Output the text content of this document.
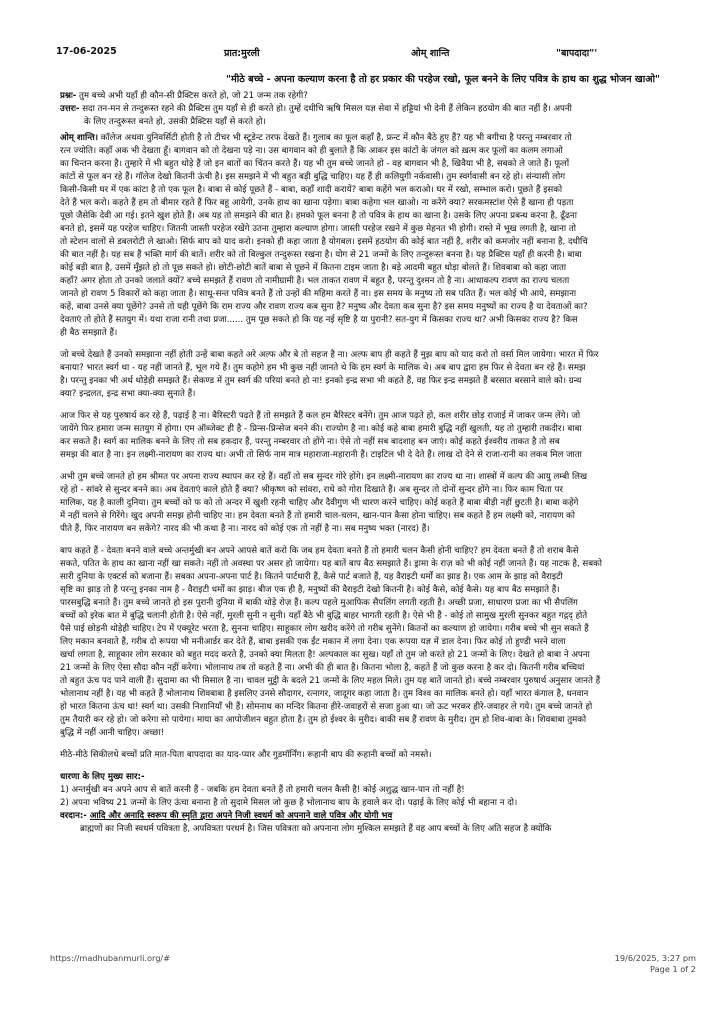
17-06-2025	प्रात:मुरली	ओम् शान्ति	"बापदादा"'
"मीठे बच्चे - अपना कल्याण करना है तो हर प्रकार की परहेज रखो, फूल बनने के लिए पवित्र के हाथ का शुद्ध भोजन खाओ"

प्रश्नः- तुम बच्चे अभी यहाँ ही कौन-सी प्रैक्टिस करते हो, जो 21 जन्म तक रहेगी?

उत्तरः- सदा तन-मन से तन्दुरूस्त रहने की प्रैक्टिस तुम यहाँ से ही करते हो। तुम्हें दधीचि ऋषि मिसल यज्ञ सेवा में हड्डियां भी देनी हैं लेकिन हठयोग की बात नहीं है। अपनी

के लिए तन्दुरूस्त बनते हो, उसकी प्रैक्टिस यहाँ से करते हो।

ओम् शान्ति। कॉलेज अथवा युनिवर्सिटी होती है तो टीचर भी स्टूडेन्ट तरफ देखते हैं। गुलाब का फूल कहाँ है, फ्रन्ट में कौन बैठे हुए हैं? यह भी बगीचा है परन्तु नम्बरवार तो

रत्न ज्योति। कहाँ अक भी देखता हूँ। बागवान को तो देखना पड़े ना। उस बागवान को ही बुलाते हैं कि आकर इस कांटों के जंगल को ख़त्म कर फूलों का कलम लगाओ

का चिन्तन करना है। तुम्हारे में भी बहुत थोड़े हैं जो इन बातों का चिंतन करते हैं। यह भी तुम बच्चे जानते हो - वह बागवान भी है, खिवैया भी है, सबको ले जाते हैं। फूलों

कांटों से फूल बन रहे हैं। गॉलेज देखो कितनी ऊंची है। इस समझने में भी बहुत बड़ी बुद्धि चाहिए। यह हैं ही कलियुगी नर्कवासी। तुम स्वर्गवासी बन रहे हो। संन्यासी लोग

किसी-किसी घर में एक कांटा है तो एक फूल है। बाबा से कोई पूछते हैं - बाबा, कहाँ शादी करायें? बाबा कहेंगे भल कराओ। घर में रखो, सम्भाल करो। पूछते हैं इसको

देते हैं भल करो। कहते हैं हम तो बीमार रहते हैं फिर बहू आयेगी, उनके हाथ का खाना पड़ेगा। बाबा कहेगा भल खाओ। ना करेंगे क्या? सरकमस्टांश ऐसे हैं खाना ही पड़ता

पूछो जैसेकि देवी आ गई। इतने खुश होते हैं। अब यह तो समझने की बात है। हमको फूल बनना है तो पवित्र के हाथ का खाना है। उसके लिए अपना प्रबन्ध करना है, ढूँढना

बनते हो, इसमें यह परहेज चाहिए। जितनी जास्ती परहेज रखेंगे उतना तुम्हारा कल्याण होगा। जास्ती परहेज रखने में कुछ मेहनत भी होगी। रास्ते में भूख लगती है, खाना तो

तो स्टेशन वालों से डबलरोटी ले खाओ। सिर्फ बाप को याद करो। इनको ही कहा जाता है योगबल। इसमें हठयोग की कोई बात नहीं है, शरीर को कमजोर नहीं बनाना है, दधीचि

की बात नहीं है। यह सब हैं भक्ति मार्ग की बातें। शरीर को तो बिल्कुल तन्दुरूस्त रखना है। योग से 21 जन्मों के लिए तन्दुरूस्त बनना है। यह प्रैक्टिस यहाँ ही करनी है। बाबा

कोई बड़ी बात है, उसमें मूँझते हो तो पूछ सकते हो। छोटी-छोटी बातें बाबा से पूछने में कितना टाइम जाता है। बड़े आदमी बहुत थोड़ा बोलते हैं। शिवबाबा को कहा जाता

कहाँ? अगर होता तो उनको जलाते क्यों? बच्चे समझते हैं रावण तो नामीग्रामी है। भल ताकत रावण में बहुत है, परन्तु दुश्मन तो है ना। आधाकल्प रावण का राज्य चलता

जानते हो रावण 5 विकारों को कहा जाता है। साधू-सन्त पवित्र बनते हैं तो उन्हों की महिमा करते हैं ना। इस समय के मनुष्य तो सब पतित हैं। भल कोई भी आये, समझाना

कहें, बाबा उनसे क्या पूछेंगे? उनसे तो यही पूछेंगे कि राम राज्य और रावण राज्य कब सुना है? मनुष्य और देवता कब सुना है? इस समय मनुष्यों का राज्य है या देवताओं का?

देवताएं तो होते हैं सतयुग में। यथा राजा रानी तथा प्रजा...... तुम पूछ सकते हो कि यह नई सृष्टि है या पुरानी? सत-युग में किसका राज्य था? अभी किसका राज्य है? किस

ही बैठ समझाते हैं।

जो बच्चे देखते हैं उनको समझाना नहीं होती उन्हें बाबा कहते अरे अल्फ और बे तो सहज है ना। अल्फ बाप ही कहते हैं मुझ बाप को याद करो तो वर्सा मिल जायेगा। भारत में फिर

बनाया? भारत स्वर्ग था - यह नहीं जानते हैं, भूल गये हैं। तुम कहोगे हम भी कुछ नहीं जानते थे कि हम स्वर्ग के मालिक थे। अब बाप द्वारा हम फिर से देवता बन रहे हैं। समझ

है। परन्तु इनका भी अर्थ थोड़ेही समझते हैं। सेकण्ड में तुम स्वर्ग की परियां बनते हो ना! इनको इन्द्र सभा भी कहते हैं, वह फिर इन्द्र समझते हैं बरसात बरसाने वाले को। ग्रन्थ

क्या? इन्द्रलत, इन्द्र सभा क्या-क्या सुनाते हैं।

आज फिर से यह पुरुषार्थ कर रहे हैं, पढ़ाई है ना। बैरिस्टरी पढ़ते हैं तो समझते हैं कल हम बैरिस्टर बनेंगे। तुम आज पढ़ते हो, कल शरीर छोड़ राजाई में जाकर जन्म लेंगे। जो

जायेंगे फिर हमारा जन्म सतयुग में होगा। एम ऑब्जेक्ट ही है - प्रिन्स-प्रिन्सेज बनने की। राज्योग है ना। कोई कहे बाबा हमारी बुद्धि नहीं खुलती, यह तो तुम्हारी तकदीर। बाबा

कर सकते हैं। स्वर्ग का मालिक बनने के लिए तो सब हकदार हैं, परन्तु नम्बरवार तो होंगे ना। ऐसे तो नहीं सब बादशाह बन जाएं। कोई कहते ईश्वरीय ताकत है तो सब

समझ की बात है ना। इन लक्ष्मी-नारायण का राज्य था। अभी तो सिर्फ नाम मात्र महाराजा-महारानी हैं। टाइटिल भी दे देते हैं। लाख दो देने से राजा-रानी का लकब मिल जाता

अभी तुम बच्चे जानते हो हम श्रीमत पर अपना राज्य स्थापन कर रहे हैं। वहाँ तो सब सुन्दर गोरे होंगे। इन लक्ष्मी-नारायण का राज्य था ना। शास्त्रों में कल्प की आयु लम्बी लिख

रहे हो - सांवरे से सुन्दर बनने का। अब देवताएं काले होते हैं क्या? श्रीकृष्ण को सांवरा, राधे को गोरा दिखाते हैं। अब सुन्दर तो दोनों सुन्दर होंगे ना। फिर काम चिता पर

मालिक, यह है काली दुनिया। तुम बच्चों को फ को तो अन्दर में खुशी रहनी चाहिए और दैवीगुण भी धारण करने चाहिए। कोई कहते हैं बाबा बीड़ी नहीं छुटती है। बाबा कहेंगे

में नहीं चलने से गिरेंगे। खुद अपनी समझ होनी चाहिए ना। हम देवता बनते हैं तो हमारी चाल-चलन, खान-पान कैसा होना चाहिए। सब कहते हैं हम लक्ष्मी को, नारायण को

पीते हैं, फिर नारायण बन सकेंगे? नारद की भी कथा है ना। नारद को कोई एक तो नहीं है ना। सब मनुष्य भक्त (नारद) हैं।

बाप कहते हैं - देवता बनने वाले बच्चे अन्तर्मुखी बन अपने आपसे बातें करो कि जब हम देवता बनते हैं तो हमारी चलन कैसी होनी चाहिए? हम देवता बनते हैं तो शराब कैसे

सकते, पतित के हाथ का खाना नहीं खा सकते। नहीं तो अवस्था पर असर हो जायेगा। यह बातें बाप बैठ समझाते हैं। ड्रामा के राज़ को भी कोई नहीं जानते हैं। यह नाटक है, सबको

सारी दुनिया के एक्टर्स को बजाना हैं। सबका अपना-अपना पार्ट है। कितने पार्टधारी हैं, कैसे पार्ट बजाते हैं, यह वैराइटी धर्मों का झाड़ है। एक आम के झाड़ को वैराइटी

सृष्टि का झाड़ तो है परन्तु इनका नाम है - वैराइटी धर्मों का झाड़। बीज एक ही है, मनुष्यों की वैराइटी देखो कितनी है। कोई कैसे, कोई कैसे। यह बाप बैठ समझाते हैं।

पारसबुद्धि बनाते हैं। तुम बच्चे जानते हो इस पुरानी दुनिया में बाकी थोड़े रोज़ हैं। कल्प पहले मुआफिक सैपलिंग लगती रहती है। अच्छी प्रजा, साधारण प्रजा का भी सैपलिंग

बच्चों को इरेक बात में बुद्धि चलानी होती है। ऐसे नहीं, मुरली सुनी न सुनी। यहाँ बैठे भी बुद्धि बाहर भागती रहती है। ऐसे भी हैं - कोई तो सामुख मुरली सुनकर बहुत गद्गद् होते

पैसे पाई छोड़नी थोड़ेही चाहिए। टेप में एक्यूरेट भरता है, सुनना चाहिए। साहूकार लोग खरीद करेंगे तो गरीब सुनेंगे। कितनों का कल्याण हो जायेगा। गरीब बच्चे भी सुन सकते हैं

लिए मकान बनवाते हैं, गरीब दो रूपया भी मनीआर्डर कर देते हैं, बाबा इसकी एक ईंट मकान में लगा देना। एक रूपया यज्ञ में डाल देना। फिर कोई तो हुण्डी भरने वाला

खर्चा लगता है, साहूकार लोग सरकार को बहुत मदद करते हैं, उनको क्या मिलता है! अल्पकाल का सुख। यहाँ तो तुम जो करते हो 21 जन्मों के लिए। देखते हो बाबा ने अपना

21 जन्मों के लिए ऐसा सौदा कौन नहीं करेगा। भोलानाथ तब तो कहते हैं ना। अभी की ही बात है। कितना भोला है, कहते हैं जो कुछ करना है कर दो। कितनी गरीब बच्चियां

तो बहुत ऊंच पद पाने वाली हैं। सुदामा का भी मिसाल है ना। चावल मुट्ठी के बदले 21 जन्मों के लिए महल मिले। तुम यह बातें जानते हो। बच्चे नम्बरवार पुरुषार्थ अनुसार जानते हैं

भोलानाथ नहीं है। यह भी कहते हैं भोलानाथ शिवबाबा है इसलिए उनसे सौदागर, रत्नागर, जादूगर कहा जाता है। तुम विश्व का मालिक बनते हो। यहाँ भारत कंगाल है, धनवान

हो भारत कितना ऊंच था! स्वर्ग था। उसकी निशानियाँ भी हैं। सोमनाथ का मन्दिर कितना हीरे-जवाहरों से सजा हुआ था। जो ऊट भरकर हीरे-जवाहर ले गये। तुम बच्चे जानते हो

तुम तैयारी कर रहे हो। जो करेगा सो पायेगा। माया का आपोजीशन बहुत होता है। तुम हो ईश्वर के मुरीद। बाकी सब हैं रावण के मुरीद। तुम हो शिव-बाबा के। शिवबाबा तुमको

बुद्धि में नहीं आनी चाहिए। अच्छा!

मीठे-मीठे सिकीलधे बच्चों प्रति मात-पिता बापदादा का याद-प्यार और गुडमॉर्निंग। रूहानी बाप की रूहानी बच्चों को नमस्ते।

धारणा के लिए मुख्य सार:-

1) अन्तर्मुखी बन अपने आप से बातें करनी हैं - जबकि हम देवता बनते हैं तो हमारी चलन कैसी है! कोई अशुद्ध खान-पान तो नहीं है!

2) अपना भविष्य 21 जन्मों के लिए ऊंचा बनाना है तो सुदामे मिसल जो कुछ है भोलानाथ बाप के हवाले कर दो। पढ़ाई के लिए कोई भी बहाना न दो।

वरदान:- आदि और अनादि स्वरूप की स्मृति द्वारा अपने निजी स्वधर्म को अपनाने वाले पवित्र और योगी भव

ब्राह्मणों का निजी स्वधर्म पवित्रता है, अपवित्रता परधर्म है। जिस पवित्रता को अपनाना लोग मुश्किल समझते हैं वह आप बच्चों के लिए अति सहज है क्योंकि

https://madhubanmurli.org/#	19/6/2025, 3:27 pm
Page 1 of 2
